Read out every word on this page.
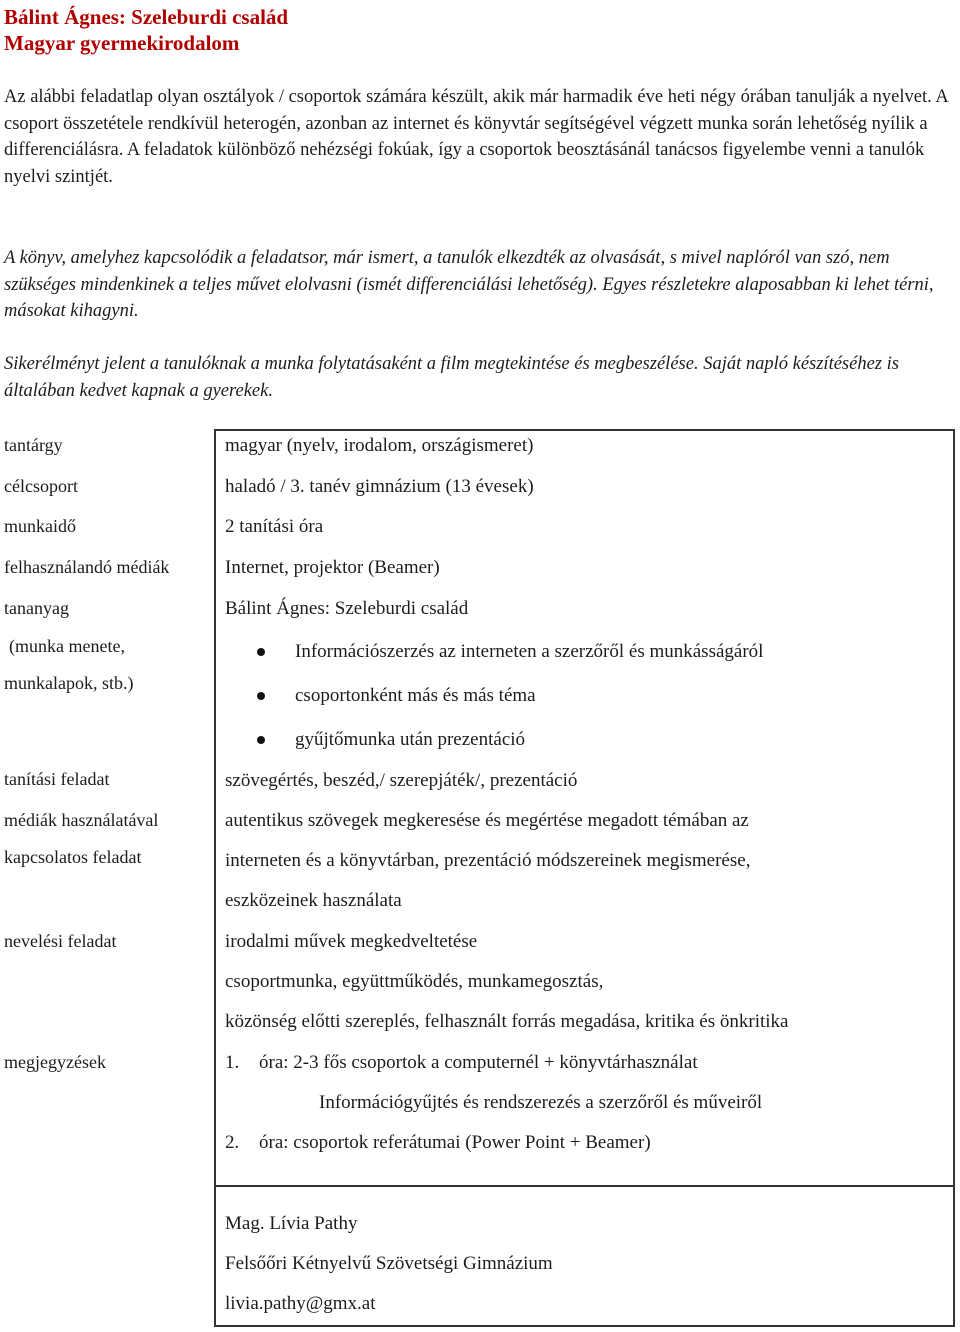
Bálint Ágnes: Szeleburdi család
Magyar gyermekirodalom

Az alábbi feladatlap olyan osztályok / csoportok számára készült, akik már harmadik éve heti négy órában tanulják a nyelvet. A csoport összetétele rendkívül heterogén, azonban az internet és könyvtár segítségével végzett munka során lehetőség nyílik a differenciálásra. A feladatok különböző nehézségi fokúak, így a csoportok beosztásánál tanácsos figyelembe venni a tanulók nyelvi szintjét.

A könyv, amelyhez kapcsolódik a feladatsor, már ismert, a tanulók elkezdték az olvasását, s mivel naplóról van szó, nem szükséges mindenkinek a teljes művet elolvasni (ismét differenciálási lehetőség). Egyes részletekre alaposabban ki lehet térni, másokat kihagyni.

Sikerélményt jelent a tanulóknak a munka folytatásaként a film megtekintése és megbeszélése. Saját napló készítéséhez is általában kedvet kapnak a gyerekek.

tantárgy
célcsoport
munkaidő
felhasználandó médiák
tananyag
(munka menete,
munkalapok, stb.)
tanítási feladat
médiák használatával
kapcsolatos feladat
nevelési feladat
megjegyzések
magyar (nyelv, irodalom, országismeret)
haladó / 3. tanév gimnázium (13 évesek)
2 tanítási óra
Internet, projektor (Beamer)
Bálint Ágnes: Szeleburdi család
Információszerzés az interneten a szerzőről és munkásságáról
csoportonként más és más téma
gyűjtőmunka után prezentáció
szövegértés, beszéd,/ szerepjáték/, prezentáció
autentikus szövegek megkeresése és megértése megadott témában az
interneten és a könyvtárban, prezentáció módszereinek megismerése,
eszközeinek használata
irodalmi művek megkedveltetése
csoportmunka, együttműködés, munkamegosztás,
közönség előtti szereplés, felhasznált forrás megadása, kritika és önkritika
1. óra: 2-3 fős csoportok a computernél + könyvtárhasználat
Információgyűjtés és rendszerezés a szerzőről és műveiről
2. óra: csoportok referátumai (Power Point + Beamer)
Mag. Lívia Pathy
Felsőőri Kétnyelvű Szövetségi Gimnázium
livia.pathy@gmx.at
